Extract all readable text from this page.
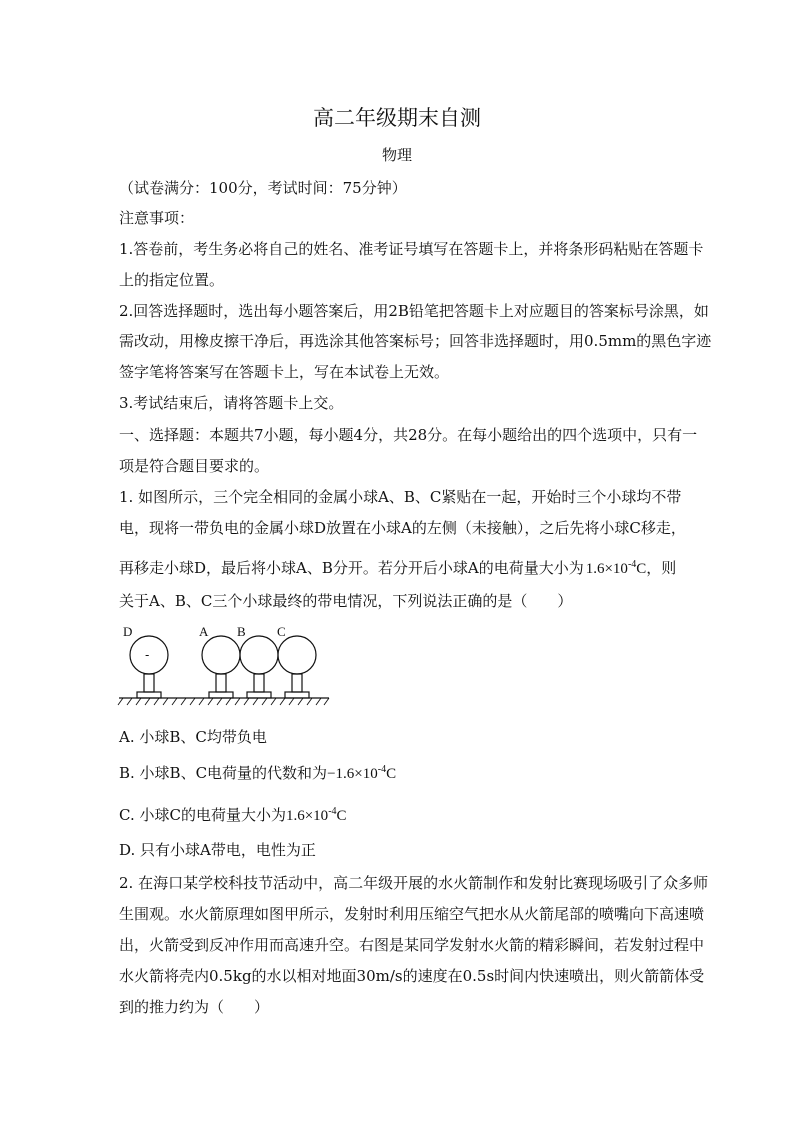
高二年级期末自测
物理
（试卷满分：100分，考试时间：75分钟）
注意事项：
1.答卷前，考生务必将自己的姓名、准考证号填写在答题卡上，并将条形码粘贴在答题卡
上的指定位置。
2.回答选择题时，选出每小题答案后，用2B铅笔把答题卡上对应题目的答案标号涂黑，如
需改动，用橡皮擦干净后，再选涂其他答案标号；回答非选择题时，用0.5mm的黑色字迹
签字笔将答案写在答题卡上，写在本试卷上无效。
3.考试结束后，请将答题卡上交。
一、选择题：本题共7小题，每小题4分，共28分。在每小题给出的四个选项中，只有一
项是符合题目要求的。
1. 如图所示，三个完全相同的金属小球A、B、C紧贴在一起，开始时三个小球均不带
电，现将一带负电的金属小球D放置在小球A的左侧（未接触），之后先将小球C移走，
再移走小球D，最后将小球A、B分开。若分开后小球A的电荷量大小为 $1.6\times 10^{-4}C$，则
关于A、B、C三个小球最终的带电情况，下列说法正确的是（　　）
D	A B C
-
A. 小球B、C均带负电
B. 小球B、C电荷量的代数和为$-1.6\times 10^{-4}C$
C. 小球C的电荷量大小为$1.6\times 10^{-4}C$
D. 只有小球A带电，电性为正
2. 在海口某学校科技节活动中，高二年级开展的水火箭制作和发射比赛现场吸引了众多师
生围观。水火箭原理如图甲所示，发射时利用压缩空气把水从火箭尾部的喷嘴向下高速喷
出，火箭受到反冲作用而高速升空。右图是某同学发射水火箭的精彩瞬间，若发射过程中
水火箭将壳内0.5kg的水以相对地面30m/s的速度在0.5s时间内快速喷出，则火箭箭体受
到的推力约为（　　）
